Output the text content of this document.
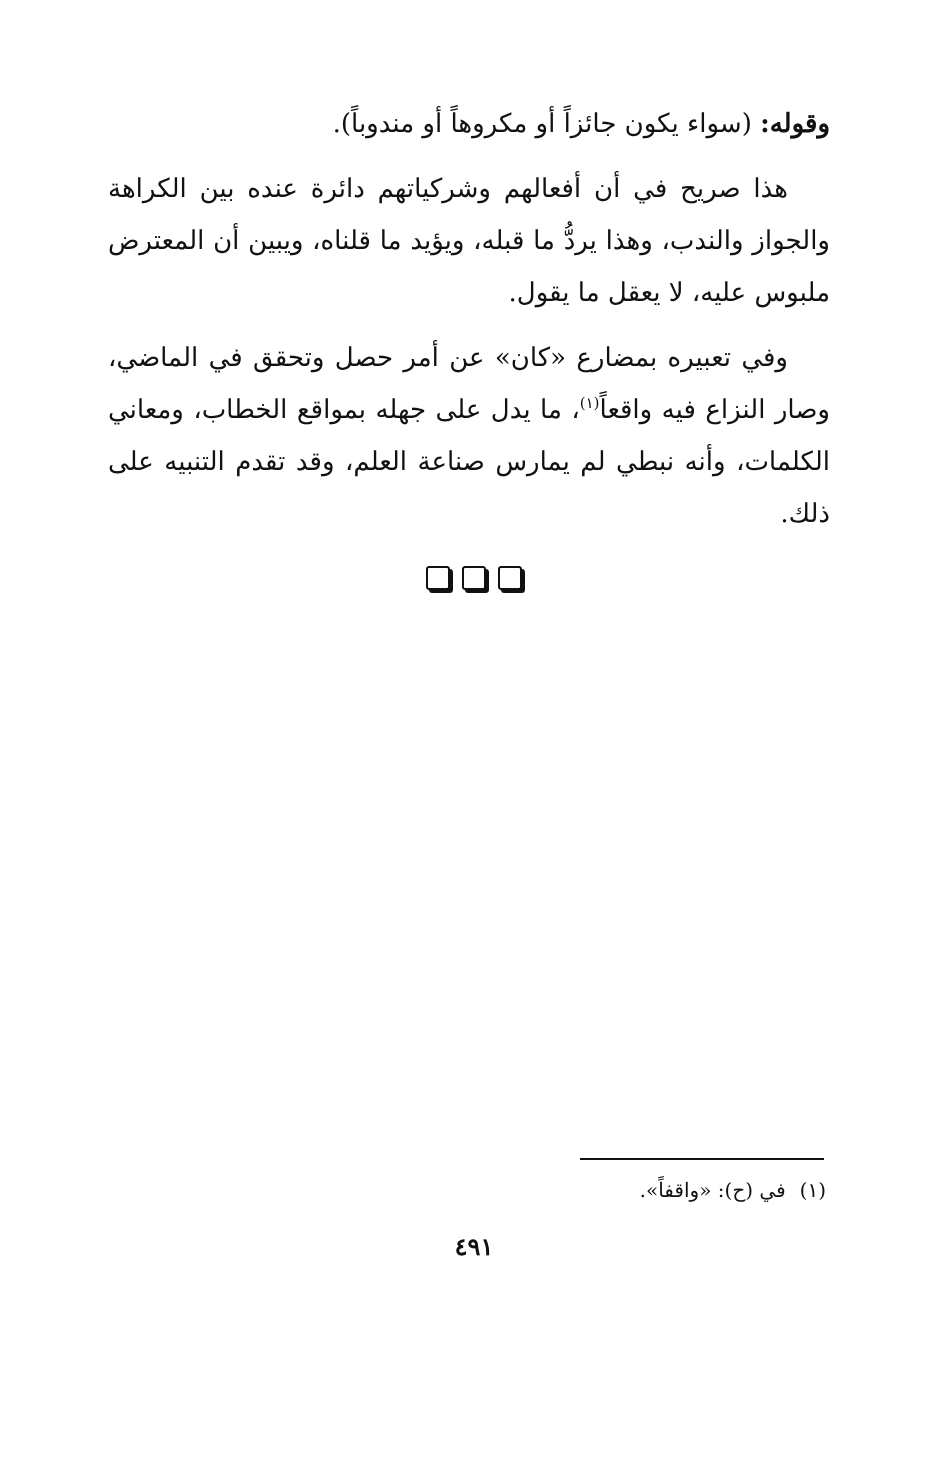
وقوله: (سواء يكون جائزاً أو مكروهاً أو مندوباً).

هذا صريح في أن أفعالهم وشركياتهم دائرة عنده بين الكراهة والجواز والندب، وهذا يردُّ ما قبله، ويؤيد ما قلناه، ويبين أن المعترض ملبوس عليه، لا يعقل ما يقول.

وفي تعبيره بمضارع «كان» عن أمر حصل وتحقق في الماضي، وصار النزاع فيه واقعاً$^{(١)}$، ما يدل على جهله بمواقع الخطاب، ومعاني الكلمات، وأنه نبطي لم يمارس صناعة العلم، وقد تقدم التنبيه على ذلك.

(١)في (ح): «واقفاً».
٤٩١
